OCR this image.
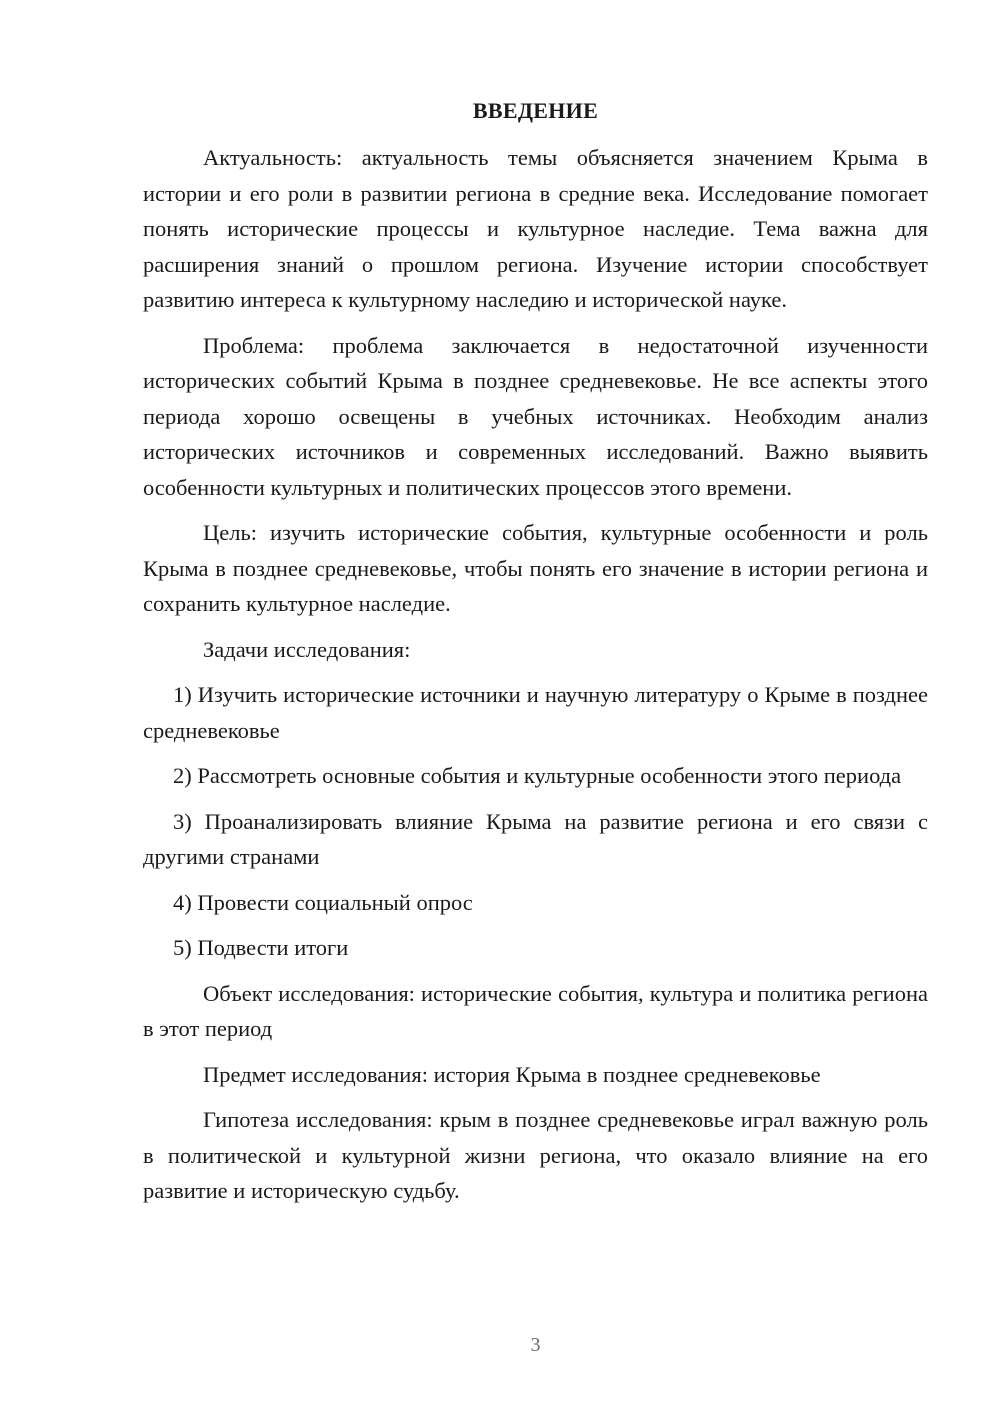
ВВЕДЕНИЕ

Актуальность: актуальность темы объясняется значением Крыма в истории и его роли в развитии региона в средние века. Исследование помогает понять исторические процессы и культурное наследие. Тема важна для расширения знаний о прошлом региона. Изучение истории способствует развитию интереса к культурному наследию и исторической науке.

Проблема: проблема заключается в недостаточной изученности исторических событий Крыма в позднее средневековье. Не все аспекты этого периода хорошо освещены в учебных источниках. Необходим анализ исторических источников и современных исследований. Важно выявить особенности культурных и политических процессов этого времени.

Цель: изучить исторические события, культурные особенности и роль Крыма в позднее средневековье, чтобы понять его значение в истории региона и сохранить культурное наследие.

Задачи исследования:

1) Изучить исторические источники и научную литературу о Крыме в позднее средневековье

2) Рассмотреть основные события и культурные особенности этого периода

3) Проанализировать влияние Крыма на развитие региона и его связи с другими странами

4) Провести социальный опрос

5) Подвести итоги

Объект исследования: исторические события, культура и политика региона в этот период

Предмет исследования: история Крыма в позднее средневековье

Гипотеза исследования: крым в позднее средневековье играл важную роль в политической и культурной жизни региона, что оказало влияние на его развитие и историческую судьбу.

3
